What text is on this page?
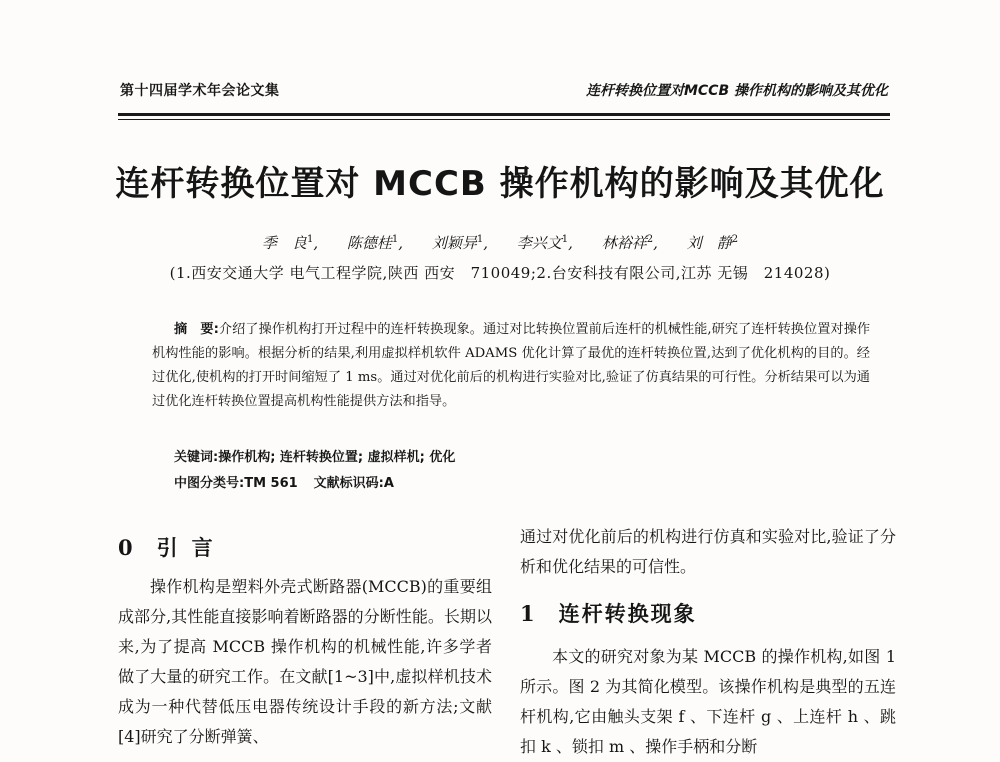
第十四届学术年会论文集	连杆转换位置对MCCB 操作机构的影响及其优化
连杆转换位置对 MCCB 操作机构的影响及其优化
季　良$^1$, 陈德桂$^1$, 刘颖异$^1$, 李兴文$^1$, 林裕祥$^2$, 刘　静$^2$
(1.西安交通大学 电气工程学院,陕西 西安　710049;2.台安科技有限公司,江苏 无锡　214028)
摘　要:介绍了操作机构打开过程中的连杆转换现象。通过对比转换位置前后连杆的机械性能,研究了连杆转换位置对操作机构性能的影响。根据分析的结果,利用虚拟样机软件 ADAMS 优化计算了最优的连杆转换位置,达到了优化机构的目的。经过优化,使机构的打开时间缩短了 1 ms。通过对优化前后的机构进行实验对比,验证了仿真结果的可行性。分析结果可以为通过优化连杆转换位置提高机构性能提供方法和指导。
关键词:操作机构; 连杆转换位置; 虚拟样机; 优化
中图分类号:TM 561 文献标识码:A
0 引言

操作机构是塑料外壳式断路器(MCCB)的重要组成部分,其性能直接影响着断路器的分断性能。长期以来,为了提高 MCCB 操作机构的机械性能,许多学者做了大量的研究工作。在文献[1~3]中,虚拟样机技术成为一种代替低压电器传统设计手段的新方法;文献[4]研究了分断弹簧、

通过对优化前后的机构进行仿真和实验对比,验证了分析和优化结果的可信性。

1 连杆转换现象

本文的研究对象为某 MCCB 的操作机构,如图 1 所示。图 2 为其简化模型。该操作机构是典型的五连杆机构,它由触头支架 f 、下连杆 g 、上连杆 h 、跳扣 k 、锁扣 m 、操作手柄和分断
